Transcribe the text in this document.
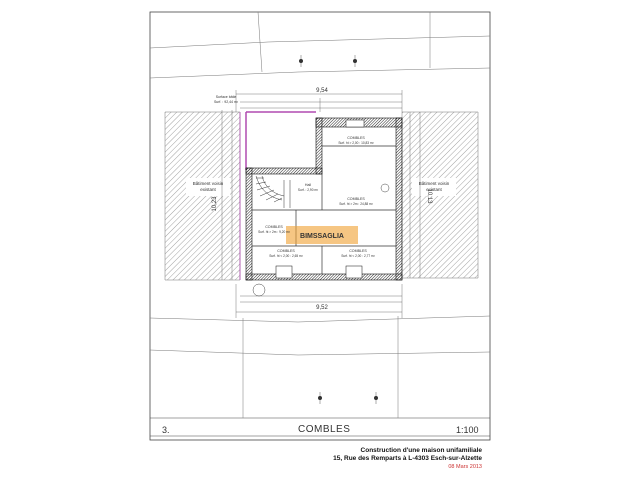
BIMSSAGLIA
9,54
9,52
10,23
10,13
Bâtiment voisin
existant
Bâtiment voisin
existant
Surface bâtie
Surf. : 92,44 m²
COMBLES
Surf. ht > 2,00 : 10,83 m²
Hall
Surf. : 2,90 m²
COMBLES
Surf. ht > 2m : 24,88 m²
COMBLES
Surf. ht > 2m : 9,20 m²
COMBLES
Surf. ht < 2,00 : 2,65 m²
COMBLES
Surf. ht < 2,00 : 2,77 m²
3.	COMBLES	1:100
Construction d'une maison unifamiliale
15, Rue des Remparts à L-4303 Esch-sur-Alzette
08 Mars 2013
